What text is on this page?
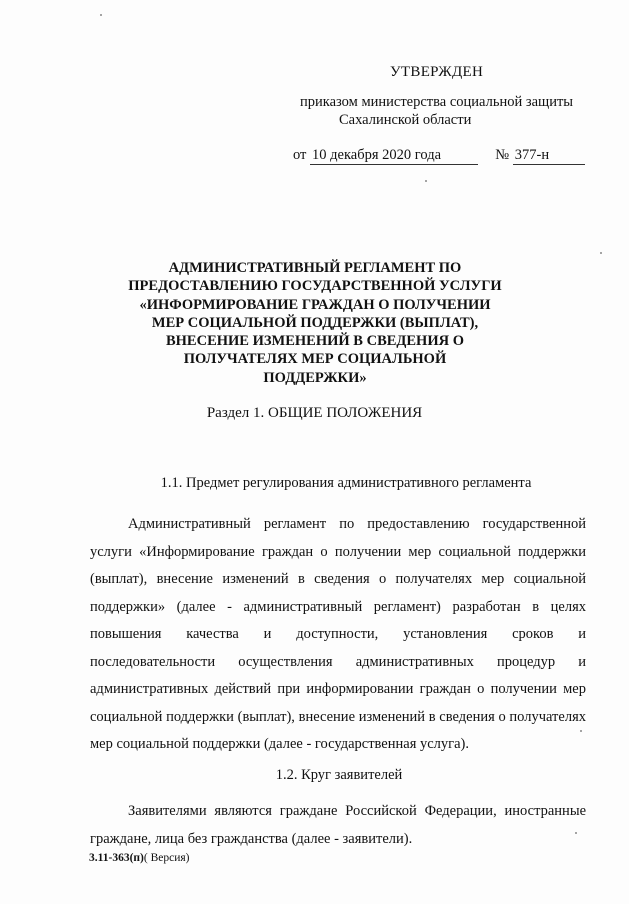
УТВЕРЖДЕН
приказом министерства социальной защиты
Сахалинской области
от 10 декабря 2020 года	№ 377-н
АДМИНИСТРАТИВНЫЙ РЕГЛАМЕНТ ПО
ПРЕДОСТАВЛЕНИЮ ГОСУДАРСТВЕННОЙ УСЛУГИ
«ИНФОРМИРОВАНИЕ ГРАЖДАН О ПОЛУЧЕНИИ
МЕР СОЦИАЛЬНОЙ ПОДДЕРЖКИ (ВЫПЛАТ),
ВНЕСЕНИЕ ИЗМЕНЕНИЙ В СВЕДЕНИЯ О
ПОЛУЧАТЕЛЯХ МЕР СОЦИАЛЬНОЙ
ПОДДЕРЖКИ»
Раздел 1. ОБЩИЕ ПОЛОЖЕНИЯ
1.1. Предмет регулирования административного регламента
Административный регламент по предоставлению государственной услуги «Информирование граждан о получении мер социальной поддержки (выплат), внесение изменений в сведения о получателях мер социальной поддержки» (далее - административный регламент) разработан в целях повышения качества и доступности, установления сроков и последовательности осуществления административных процедур и административных действий при информировании граждан о получении мер социальной поддержки (выплат), внесение изменений в сведения о получателях мер социальной поддержки (далее - государственная услуга).
1.2. Круг заявителей
Заявителями являются граждане Российской Федерации, иностранные граждане, лица без гражданства (далее - заявители).
3.11-363(п)( Версия)
